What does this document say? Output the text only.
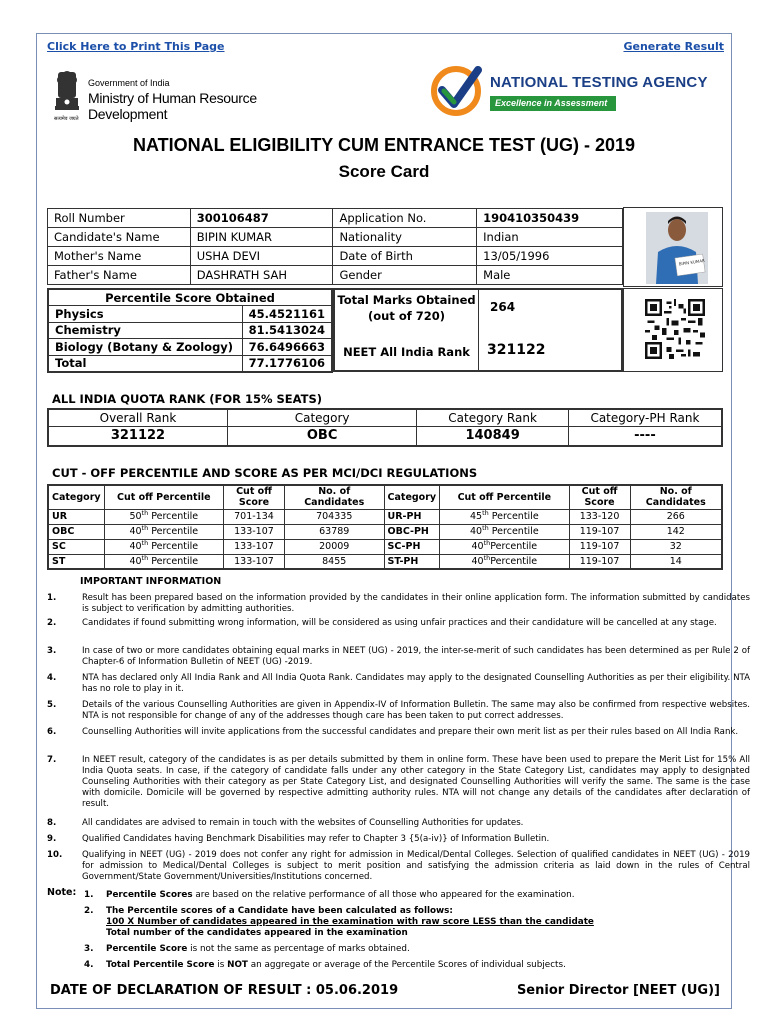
Click Here to Print This Page	Generate Result
सत्यमेव जयते
Government of India
Ministry of Human Resource Development
NATIONAL TESTING AGENCY
Excellence in Assessment
NATIONAL ELIGIBILITY CUM ENTRANCE TEST (UG) - 2019
Score Card
Roll Number	300106487	Application No.	190410350439
Candidate's Name	BIPIN KUMAR	Nationality	Indian
Mother's Name	USHA DEVI	Date of Birth	13/05/1996
Father's Name	DASHRATH SAH	Gender	Male
BIPIN KUMAR
Percentile Score Obtained	
Physics	45.4521161
Chemistry	81.5413024
Biology (Botany & Zoology)	76.6496663
Total	77.1776106
Total Marks Obtained (out of 720)
264
NEET All India Rank	321122
ALL INDIA QUOTA RANK (FOR 15% SEATS)
Overall Rank	Category	Category Rank	Category-PH Rank
321122	OBC	140849	----
CUT - OFF PERCENTILE AND SCORE AS PER MCI/DCI REGULATIONS
Category	Cut off Percentile	Cut off Score	No. of Candidates	Category	Cut off Percentile	Cut off Score	No. of Candidates
UR	50th Percentile	701-134	704335	UR-PH	45th Percentile	133-120	266
OBC	40th Percentile	133-107	63789	OBC-PH	40th Percentile	119-107	142
SC	40th Percentile	133-107	20009	SC-PH	40thPercentile	119-107	32
ST	40th Percentile	133-107	8455	ST-PH	40thPercentile	119-107	14
IMPORTANT INFORMATION
1.	Result has been prepared based on the information provided by the candidates in their online application form. The information submitted by candidates is subject to verification by admitting authorities.
2.	Candidates if found submitting wrong information, will be considered as using unfair practices and their candidature will be cancelled at any stage.
3.	In case of two or more candidates obtaining equal marks in NEET (UG) - 2019, the inter-se-merit of such candidates has been determined as per Rule 2 of Chapter-6 of Information Bulletin of NEET (UG) -2019.
4.	NTA has declared only All India Rank and All India Quota Rank. Candidates may apply to the designated Counselling Authorities as per their eligibility. NTA has no role to play in it.
5.	Details of the various Counselling Authorities are given in Appendix-IV of Information Bulletin. The same may also be confirmed from respective websites. NTA is not responsible for change of any of the addresses though care has been taken to put correct addresses.
6.	Counselling Authorities will invite applications from the successful candidates and prepare their own merit list as per their rules based on All India Rank.
7.	In NEET result, category of the candidates is as per details submitted by them in online form. These have been used to prepare the Merit List for 15% All India Quota seats. In case, if the category of candidate falls under any other category in the State Category List, candidates may apply to designated Counseling Authorities with their category as per State Category List, and designated Counselling Authorities will verify the same. The same is the case with domicile. Domicile will be governed by respective admitting authority rules. NTA will not change any details of the candidates after declaration of result.
8.	All candidates are advised to remain in touch with the websites of Counselling Authorities for updates.
9.	Qualified Candidates having Benchmark Disabilities may refer to Chapter 3 {5(a-iv)} of Information Bulletin.
10. Qualifying in NEET (UG) - 2019 does not confer any right for admission in Medical/Dental Colleges. Selection of qualified candidates in NEET (UG) - 2019 for admission to Medical/Dental Colleges is subject to merit position and satisfying the admission criteria as laid down in the rules of Central Government/State Government/Universities/Institutions concerned.
Note: 1. Percentile Scores are based on the relative performance of all those who appeared for the examination.
2. The Percentile scores of a Candidate have been calculated as follows:
100 X Number of candidates appeared in the examination with raw score LESS than the candidate
Total number of the candidates appeared in the examination
3. Percentile Score is not the same as percentage of marks obtained.
4. Total Percentile Score is NOT an aggregate or average of the Percentile Scores of individual subjects.
DATE OF DECLARATION OF RESULT : 05.06.2019	Senior Director [NEET (UG)]
